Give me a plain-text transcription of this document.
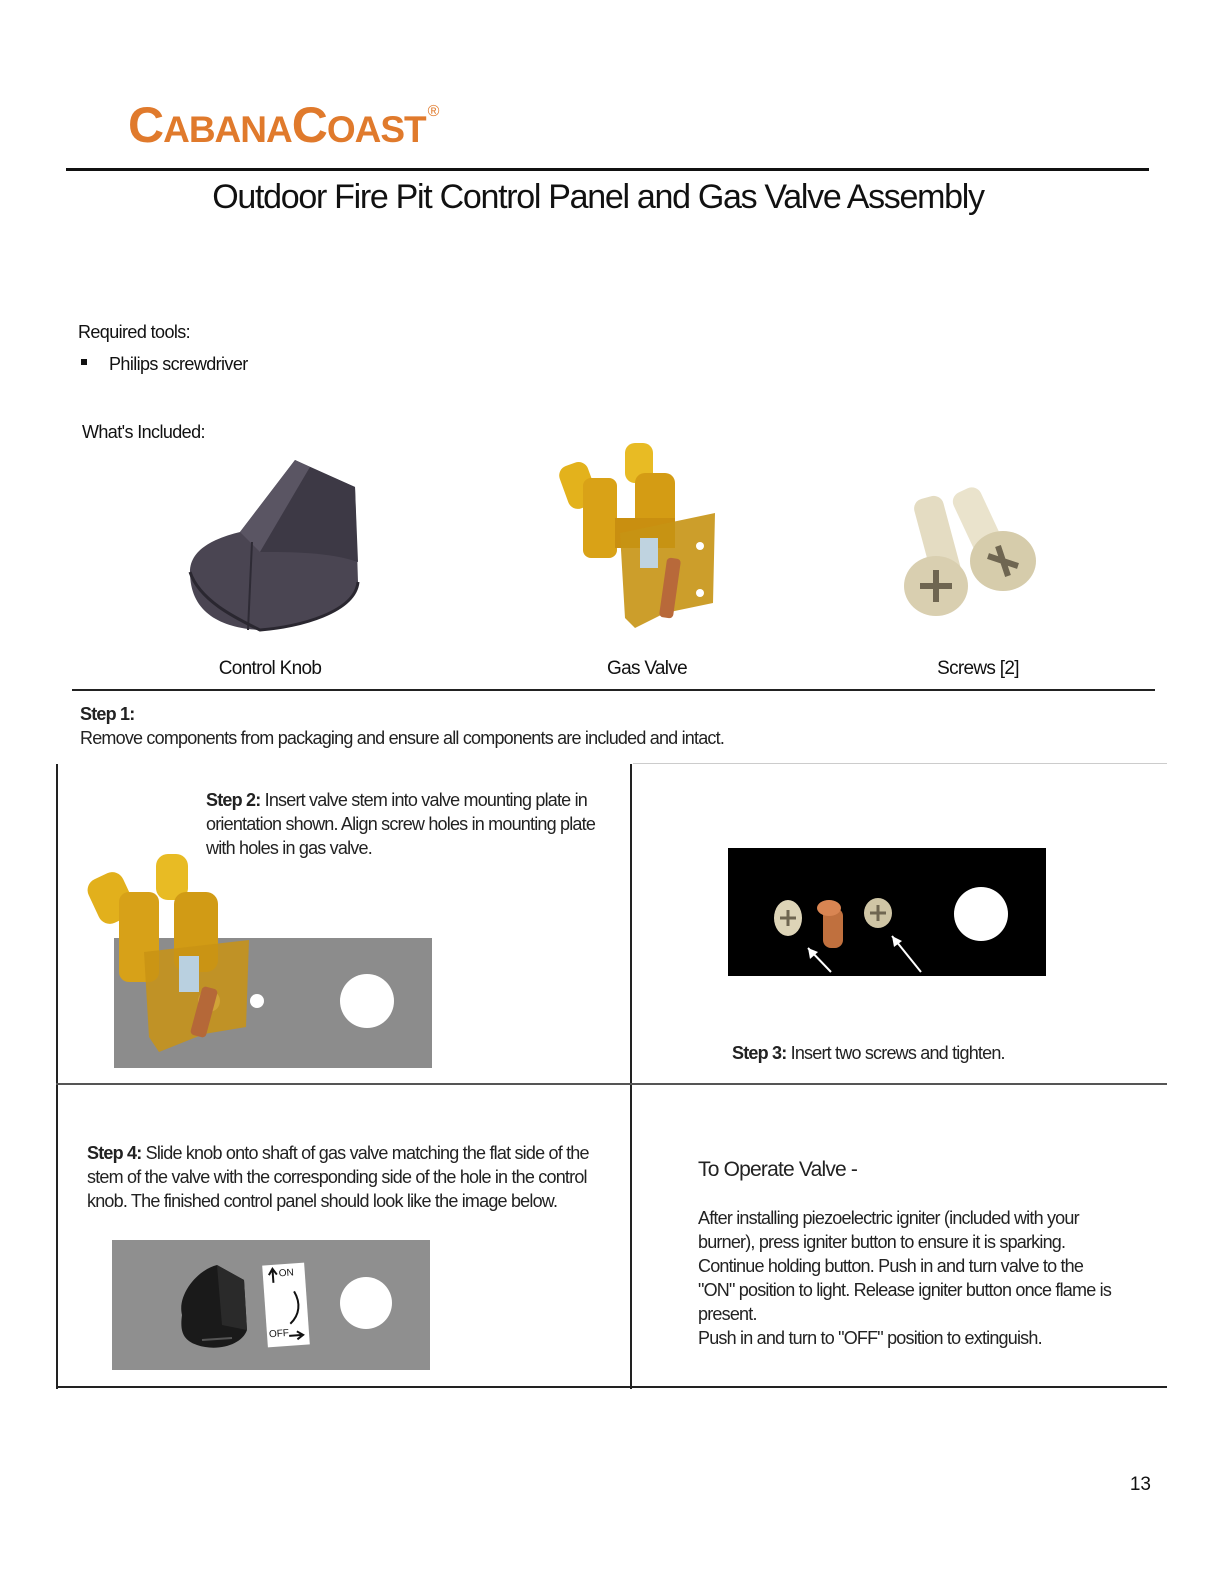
CABANACOAST ®
Outdoor Fire Pit Control Panel and Gas Valve Assembly
Required tools:
Philips screwdriver
What's Included:
Control Knob	Gas Valve	Screws [2]
Step 1:
Remove components from packaging and ensure all components are included and intact.
Step 2: Insert valve stem into valve mounting plate in orientation shown. Align screw holes in mounting plate with holes in gas valve.
Step 3: Insert two screws and tighten.
Step 4: Slide knob onto shaft of gas valve matching the flat side of the stem of the valve with the corresponding side of the hole in the control knob. The finished control panel should look like the image below.
ON
OFF
To Operate Valve -
After installing piezoelectric igniter (included with your burner), press igniter button to ensure it is sparking. Continue holding button. Push in and turn valve to the "ON" position to light. Release igniter button once flame is present.
Push in and turn to "OFF" position to extinguish.
13
